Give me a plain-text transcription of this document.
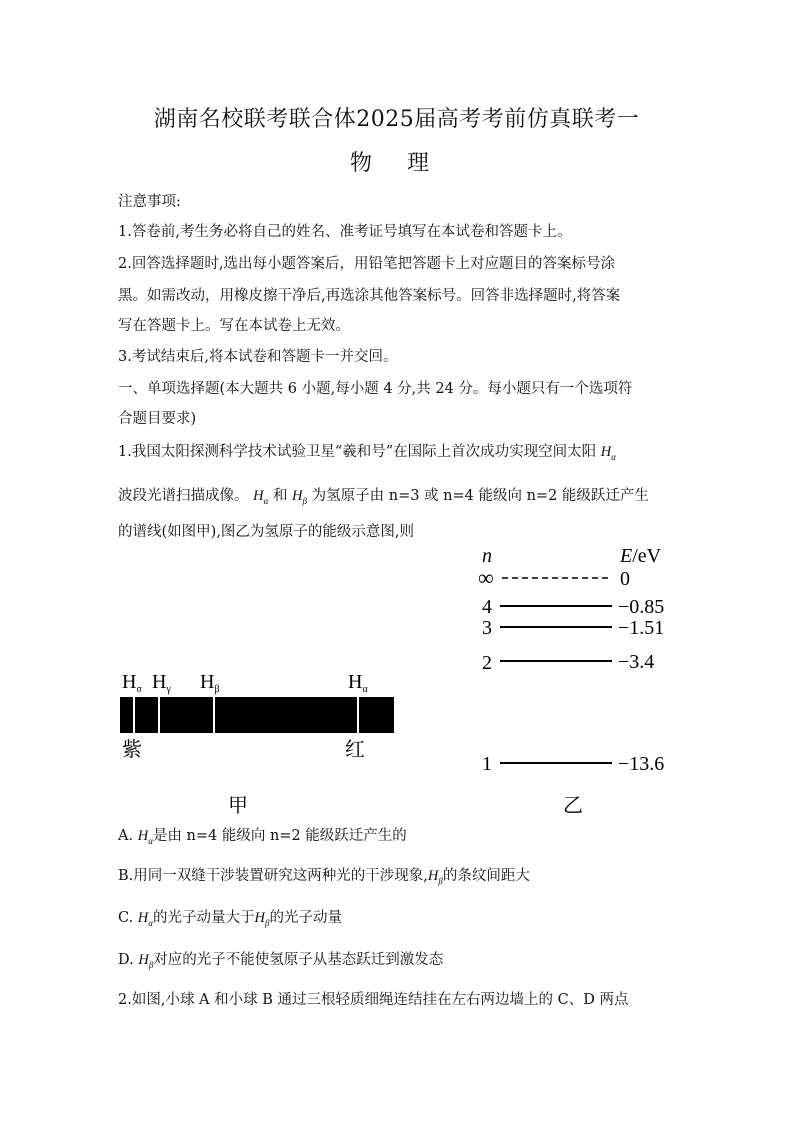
湖南名校联考联合体2025届高考考前仿真联考一
物 理
注意事项:
1.答卷前,考生务必将自己的姓名、准考证号填写在本试卷和答题卡上。
2.回答选择题时,选出每小题答案后，用铅笔把答题卡上对应题目的答案标号涂
黑。如需改动，用橡皮擦干净后,再选涂其他答案标号。回答非选择题时,将答案
写在答题卡上。写在本试卷上无效。
3.考试结束后,将本试卷和答题卡一并交回。
一、单项选择题(本大题共 6 小题,每小题 4 分,共 24 分。每小题只有一个选项符
合题目要求)
1.我国太阳探测科学技术试验卫星“羲和号”在国际上首次成功实现空间太阳 $H_\alpha$
波段光谱扫描成像。 $H_\alpha$ 和 $H_\beta$ 为氢原子由 n=3 或 n=4 能级向 n=2 能级跃迁产生
的谱线(如图甲),图乙为氢原子的能级示意图,则
$H_\sigma$ $H_\gamma$ $H_\beta$	$H_\alpha$
紫	红
甲
n	E/eV
∞	0
4	−0.85
3	−1.51
2	−3.4
1	−13.6
乙
A. $H_\alpha$是由 n=4 能级向 n=2 能级跃迁产生的
B.用同一双缝干涉装置研究这两种光的干涉现象$,H_\beta$的条纹间距大
C. $H_\alpha$的光子动量大于$H_\beta$的光子动量
D. $H_\beta$对应的光子不能使氢原子从基态跃迁到激发态
2.如图,小球 A 和小球 B 通过三根轻质细绳连结挂在左右两边墙上的 C、D 两点
